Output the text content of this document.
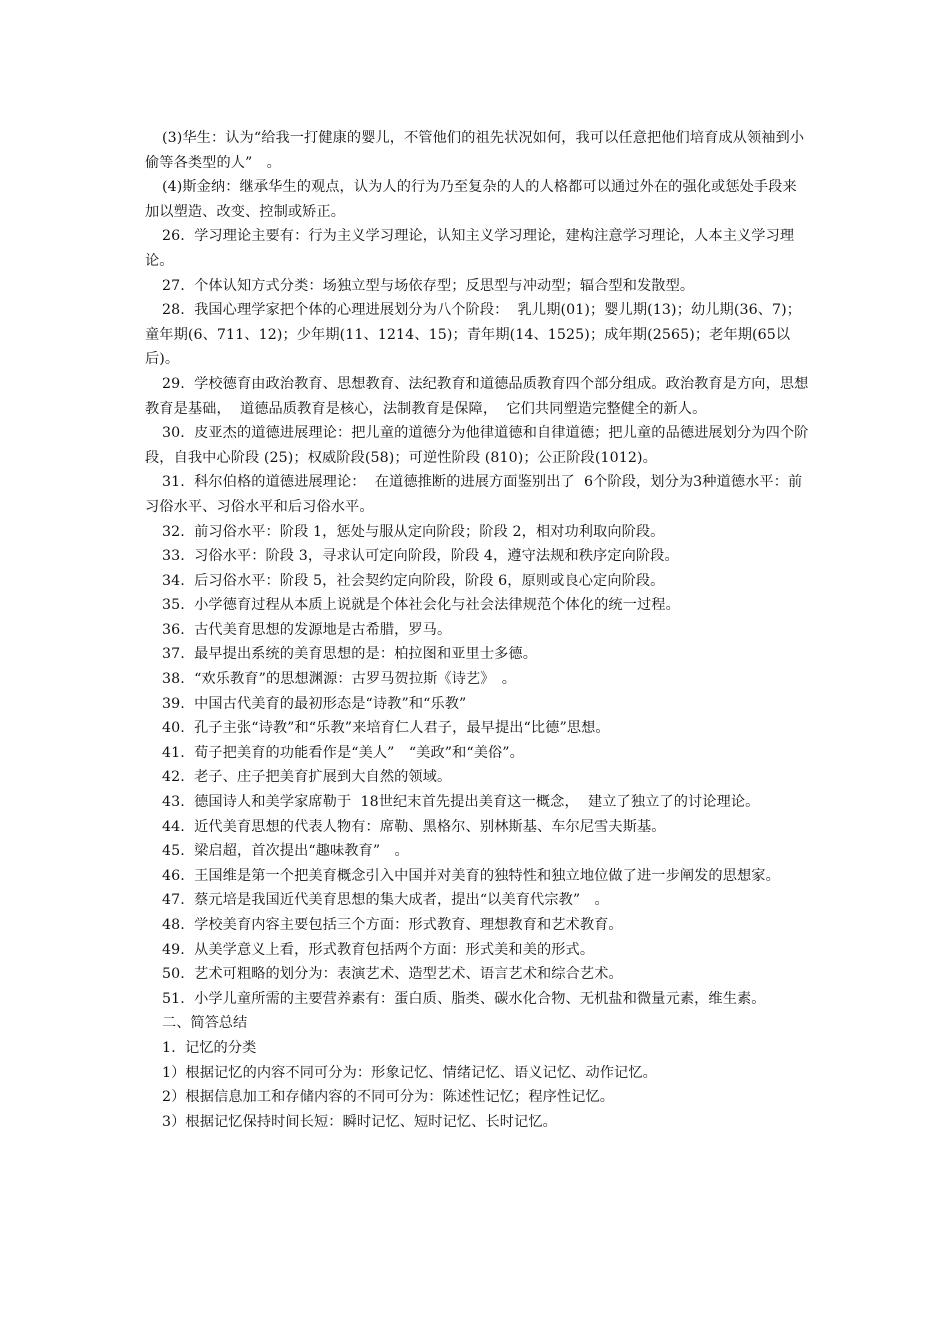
(3)华生：认为“给我一打健康的婴儿，不管他们的祖先状况如何，我可以任意把他们培育成从领袖到小偷等各类型的人”　。

(4)斯金纳：继承华生的观点，认为人的行为乃至复杂的人的人格都可以通过外在的强化或惩处手段来加以塑造、改变、控制或矫正。

26.  学习理论主要有：行为主义学习理论，认知主义学习理论，建构注意学习理论，人本主义学习理论。

27.  个体认知方式分类：场独立型与场依存型；反思型与冲动型；辐合型和发散型。

28.  我国心理学家把个体的心理进展划分为八个阶段：  乳儿期(01)；婴儿期(13)；幼儿期(36、7)；童年期(6、711、12)；少年期(11、1214、15)；青年期(14、1525)；成年期(2565)；老年期(65以后)。

29.  学校德育由政治教育、思想教育、法纪教育和道德品质教育四个部分组成。政治教育是方向，思想教育是基础，  道德品质教育是核心，法制教育是保障，  它们共同塑造完整健全的新人。

30.  皮亚杰的道德进展理论：把儿童的道德分为他律道德和自律道德；把儿童的品德进展划分为四个阶段，自我中心阶段 (25)；权威阶段(58)；可逆性阶段 (810)；公正阶段(1012)。

31.  科尔伯格的道德进展理论：  在道德推断的进展方面鉴别出了  6个阶段，划分为3种道德水平：前习俗水平、习俗水平和后习俗水平。

32.  前习俗水平：阶段 1，惩处与服从定向阶段；阶段 2，相对功利取向阶段。

33.  习俗水平：阶段 3，寻求认可定向阶段，阶段 4，遵守法规和秩序定向阶段。

34.  后习俗水平：阶段 5，社会契约定向阶段，阶段 6，原则或良心定向阶段。

35.  小学德育过程从本质上说就是个体社会化与社会法律规范个体化的统一过程。

36.  古代美育思想的发源地是古希腊，罗马。

37.  最早提出系统的美育思想的是：柏拉图和亚里士多德。

38.  “欢乐教育”的思想渊源：古罗马贺拉斯《诗艺》　。

39.  中国古代美育的最初形态是“诗教”和“乐教”

40.  孔子主张“诗教”和“乐教”来培育仁人君子，最早提出“比德”思想。

41.  荀子把美育的功能看作是“美人”　“美政”和“美俗”。

42.  老子、庄子把美育扩展到大自然的领域。

43.  德国诗人和美学家席勒于  18世纪末首先提出美育这一概念，  建立了独立了的讨论理论。

44.  近代美育思想的代表人物有：席勒、黑格尔、别林斯基、车尔尼雪夫斯基。

45.  梁启超，首次提出“趣味教育”　。

46.  王国维是第一个把美育概念引入中国并对美育的独特性和独立地位做了进一步阐发的思想家。

47.  蔡元培是我国近代美育思想的集大成者，提出“以美育代宗教”　。

48.  学校美育内容主要包括三个方面：形式教育、理想教育和艺术教育。

49.  从美学意义上看，形式教育包括两个方面：形式美和美的形式。

50.  艺术可粗略的划分为：表演艺术、造型艺术、语言艺术和综合艺术。

51.  小学儿童所需的主要营养素有：蛋白质、脂类、碳水化合物、无机盐和微量元素，维生素。

二、简答总结

1.  记忆的分类

1）根据记忆的内容不同可分为：形象记忆、情绪记忆、语义记忆、动作记忆。

2）根据信息加工和存储内容的不同可分为：陈述性记忆；程序性记忆。

3）根据记忆保持时间长短：瞬时记忆、短时记忆、长时记忆。
